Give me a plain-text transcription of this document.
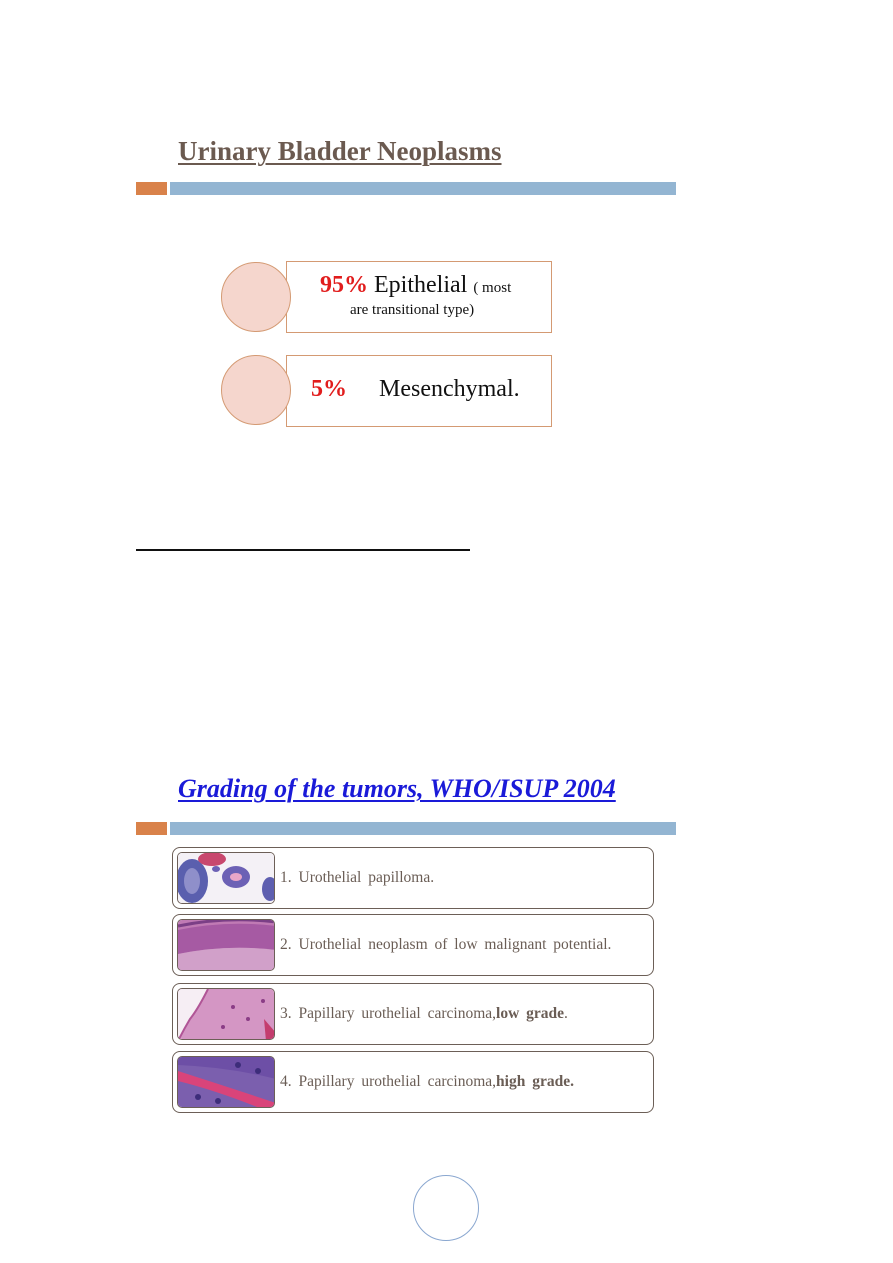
Urinary Bladder Neoplasms
95% Epithelial ( most
are transitional type)
5% Mesenchymal.
Grading of the tumors, WHO/ISUP 2004
1. Urothelial papilloma.
2. Urothelial neoplasm of low malignant potential.
3. Papillary urothelial carcinoma, low grade .
4. Papillary urothelial carcinoma, high grade.
